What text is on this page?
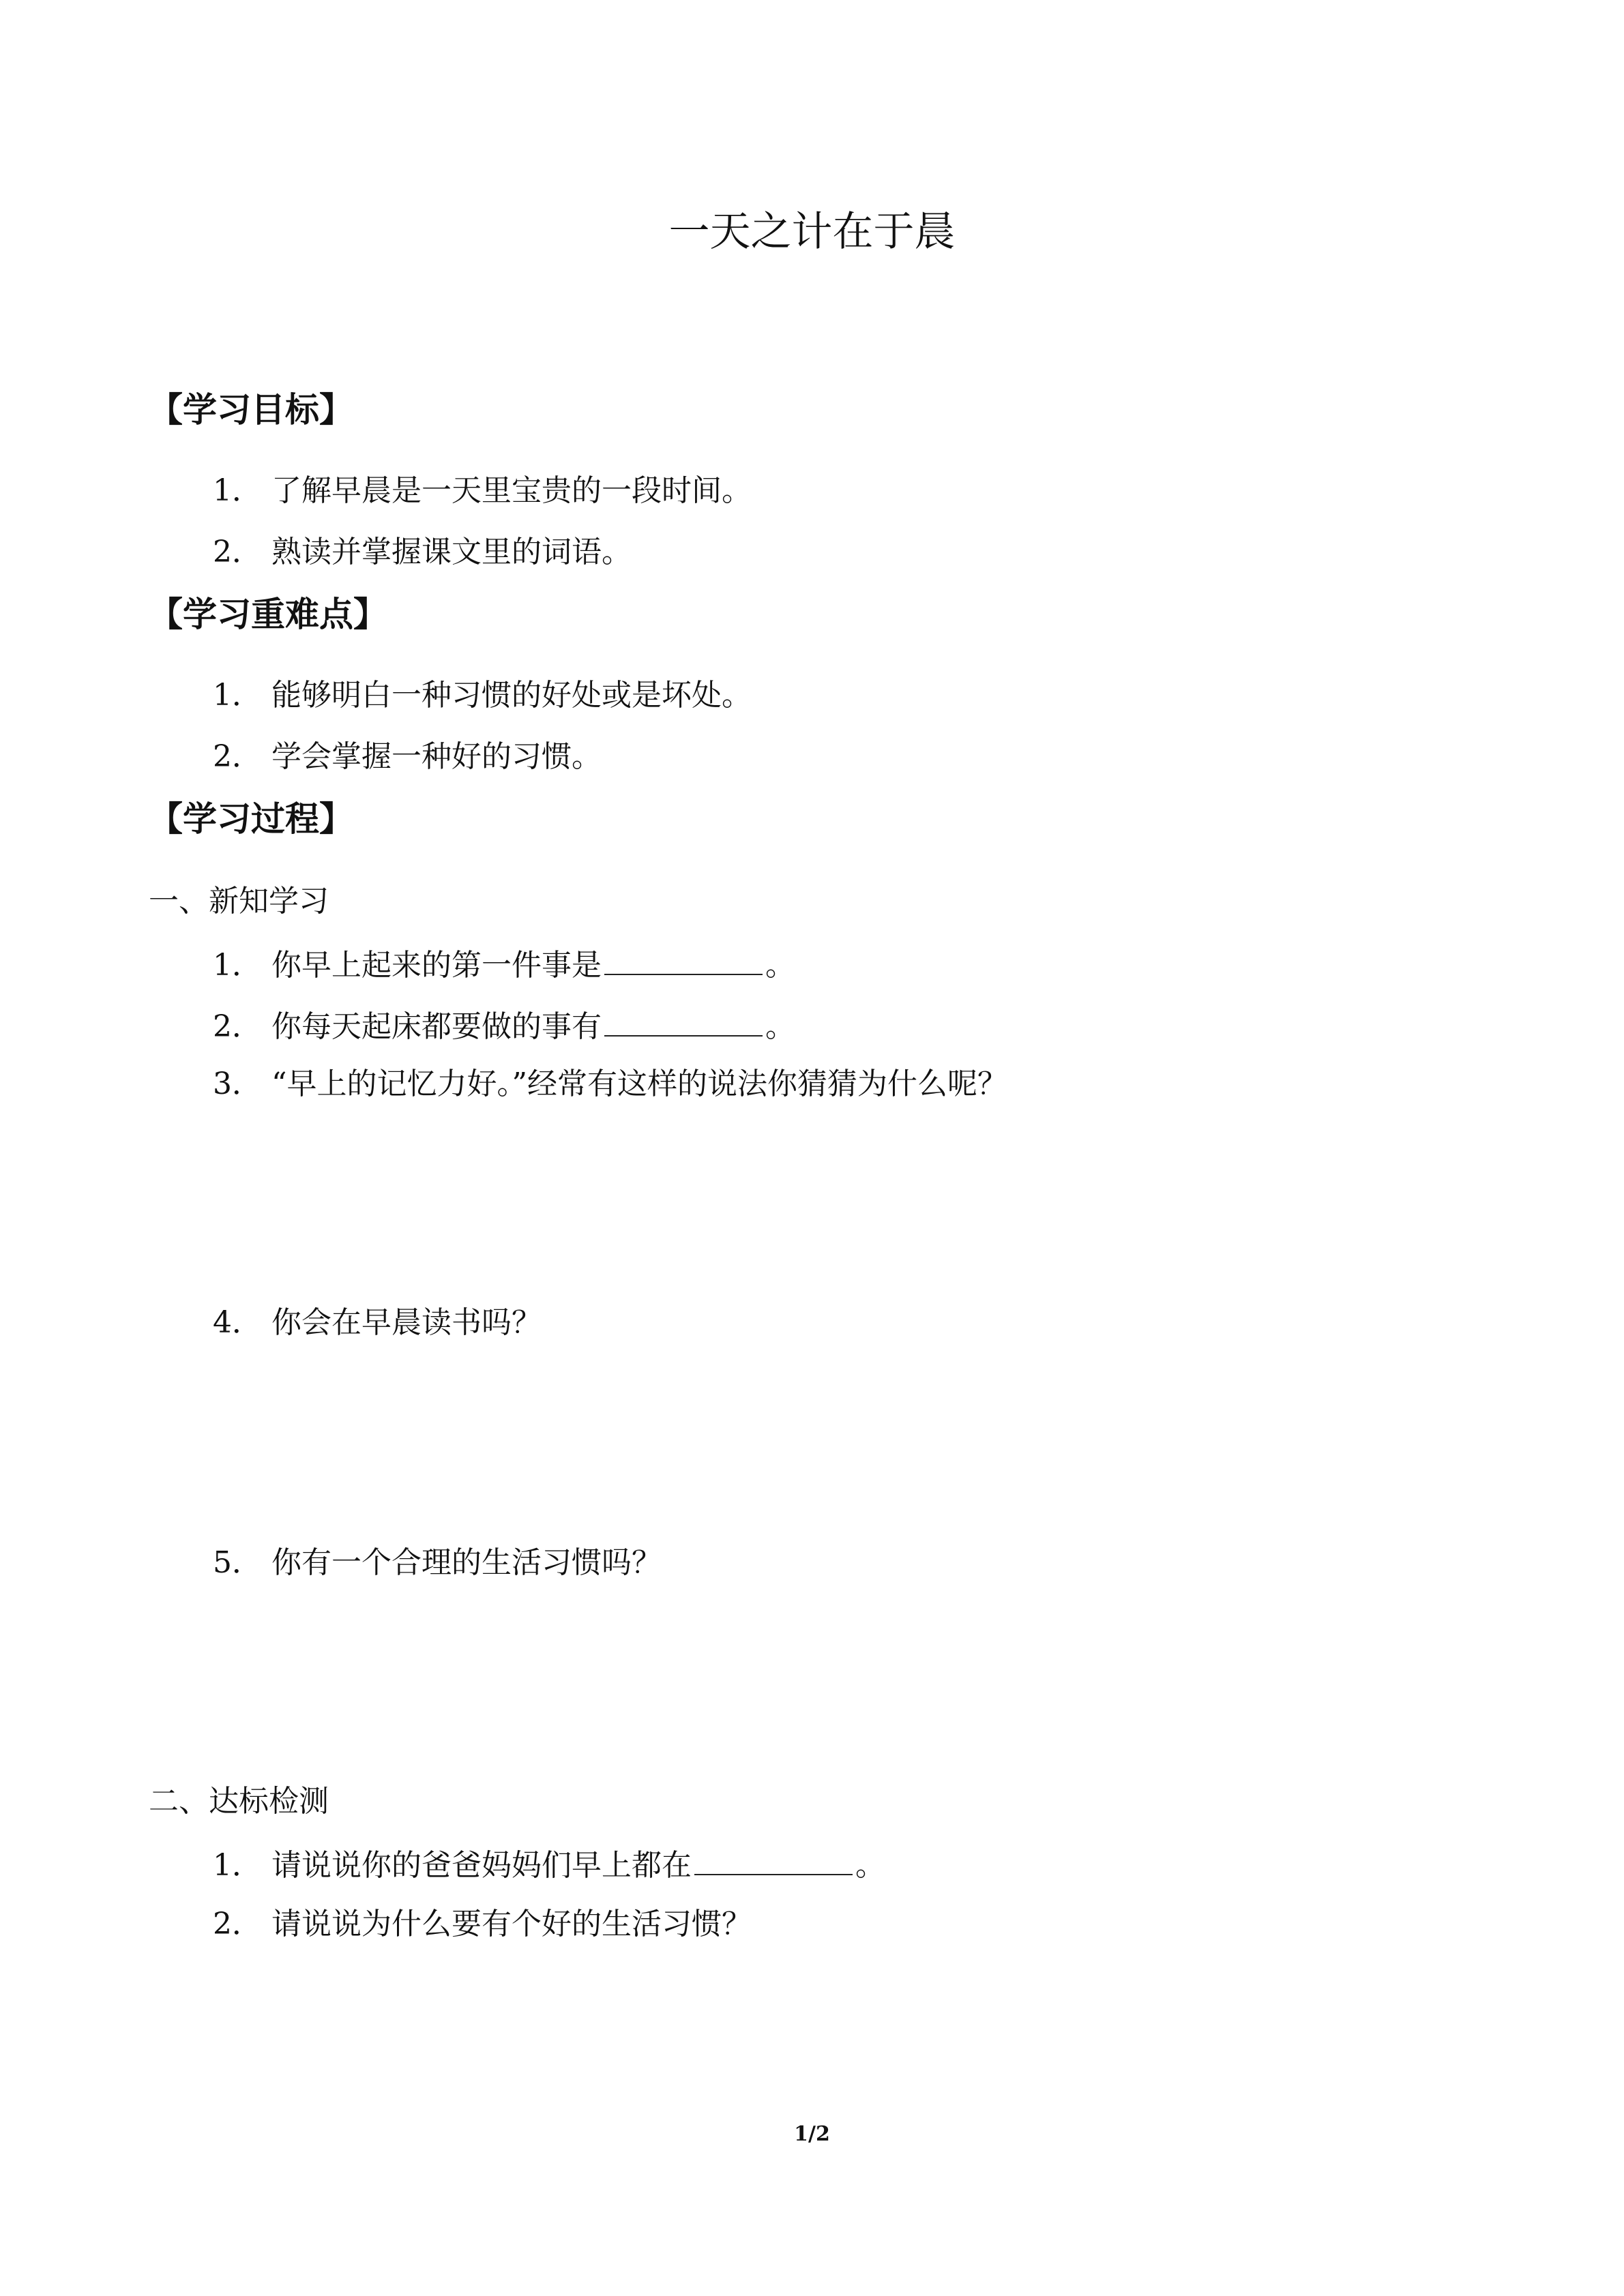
一天之计在于晨
【学习目标】
1． 了解早晨是一天里宝贵的一段时间。
2． 熟读并掌握课文里的词语。
【学习重难点】
1． 能够明白一种习惯的好处或是坏处。
2． 学会掌握一种好的习惯。
【学习过程】
一、新知学习
1． 你早上起来的第一件事是	。
2． 你每天起床都要做的事有	。
3． “早上的记忆力好。”经常有这样的说法你猜猜为什么呢？
4． 你会在早晨读书吗？
5． 你有一个合理的生活习惯吗？
二、达标检测
1． 请说说你的爸爸妈妈们早上都在	。
2． 请说说为什么要有个好的生活习惯？
1/2
